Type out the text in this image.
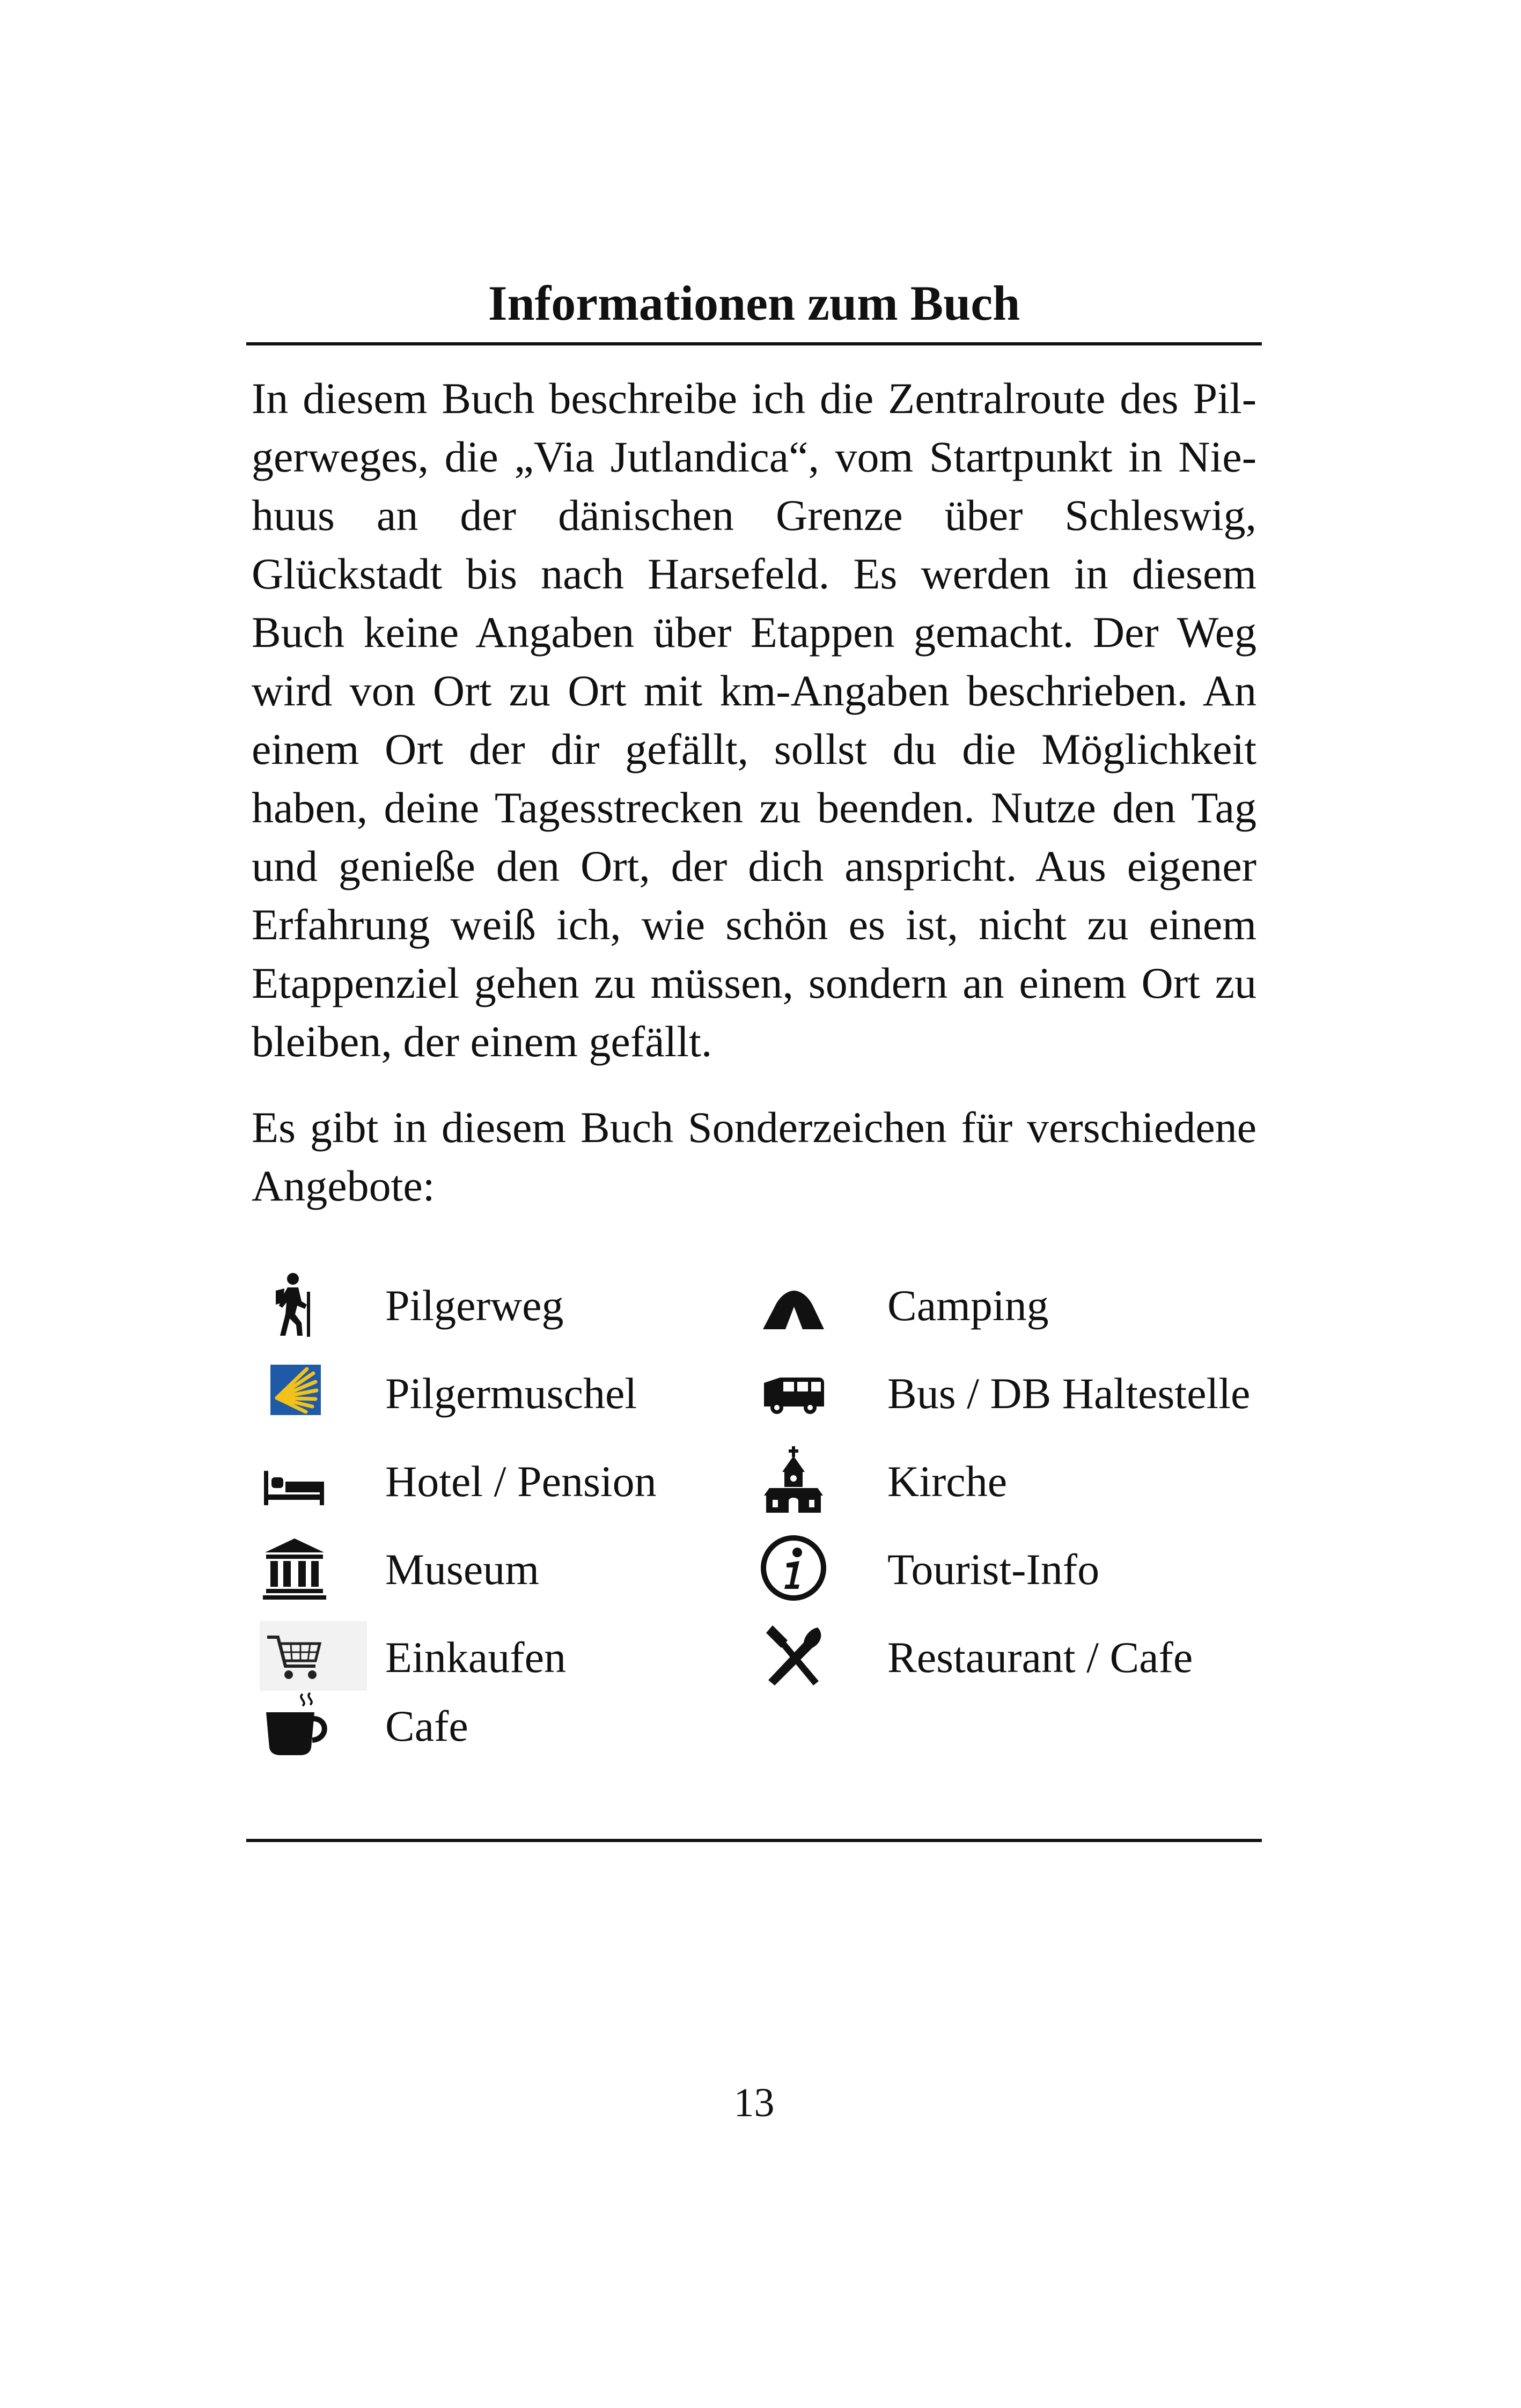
Informationen zum Buch

In diesem Buch beschreibe ich die Zentralroute des Pilgerweges, die „Via Jutlandica“, vom Startpunkt in Niehuus an der dänischen Grenze über Schleswig, Glückstadt bis nach Harsefeld. Es werden in diesem Buch keine Angaben über Etappen gemacht. Der Weg wird von Ort zu Ort mit km-Angaben beschrieben. An einem Ort der dir gefällt, sollst du die Möglichkeit haben, deine Tagesstrecken zu beenden. Nutze den Tag und genieße den Ort, der dich anspricht. Aus eigener Erfahrung weiß ich, wie schön es ist, nicht zu einem Etappenziel gehen zu müssen, sondern an einem Ort zu bleiben, der einem gefällt.

Es gibt in diesem Buch Sonderzeichen für verschiedene Angebote:

Pilgerweg
Pilgermuschel
Hotel / Pension
Museum
Einkaufen
Cafe
Camping
Bus / DB Haltestelle
Kirche
Tourist-Info
Restaurant / Cafe
13
